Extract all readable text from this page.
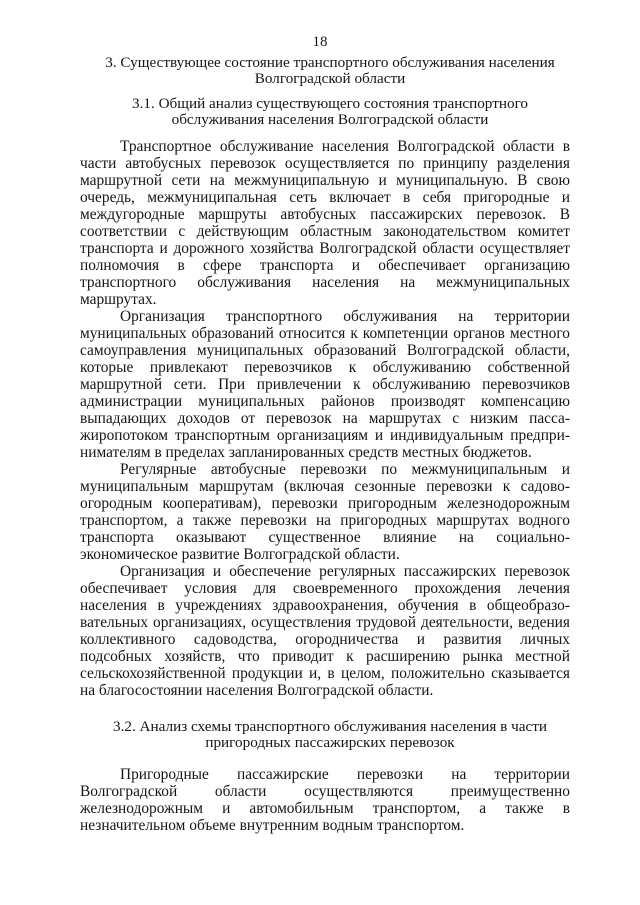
18
3. Существующее состояние транспортного обслуживания населения
Волгоградской области
3.1. Общий анализ существующего состояния транспортного
обслуживания населения Волгоградской области

Транспортное обслуживание населения Волгоградской области в части автобусных перевозок осуществляется по принципу разделения маршрутной сети на межмуниципальную и муниципальную. В свою очередь, межмуниципальная сеть включает в себя пригородные и междугородные маршруты автобусных пассажирских перевозок. В соответствии с действующим областным законодательством комитет транспорта и дорожного хозяйства Волгоградской области осуществляет полномочия в сфере транспорта и обеспечивает организацию транспортного обслуживания населения на межмуниципальных маршрутах.

Организация транспортного обслуживания на территории муниципальных образований относится к компетенции органов местного самоуправления муниципальных образований Волгоградской области, которые привлекают перевозчиков к обслуживанию собственной маршрутной сети. При привлечении к обслуживанию перевозчиков администрации муниципальных районов производят компенсацию выпадающих доходов от перевозок на маршрутах с низким пассажиропотоком транспортным организациям и индивидуальным предпринимателям в пределах запланированных средств местных бюджетов.

Регулярные автобусные перевозки по межмуниципальным и муниципальным маршрутам (включая сезонные перевозки к садово-огородным кооперативам), перевозки пригородным железнодорожным транспортом, а также перевозки на пригородных маршрутах водного транспорта оказывают существенное влияние на социально-экономическое развитие Волгоградской области.

Организация и обеспечение регулярных пассажирских перевозок обеспечивает условия для своевременного прохождения лечения населения в учреждениях здравоохранения, обучения в общеобразовательных организациях, осуществления трудовой деятельности, ведения коллективного садоводства, огородничества и развития личных подсобных хозяйств, что приводит к расширению рынка местной сельскохозяйственной продукции и, в целом, положительно сказывается на благосостоянии населения Волгоградской области.

3.2. Анализ схемы транспортного обслуживания населения в части
пригородных пассажирских перевозок

Пригородные пассажирские перевозки на территории Волгоградской области осуществляются преимущественно железнодорожным и автомобильным транспортом, а также в незначительном объеме внутренним водным транспортом.
